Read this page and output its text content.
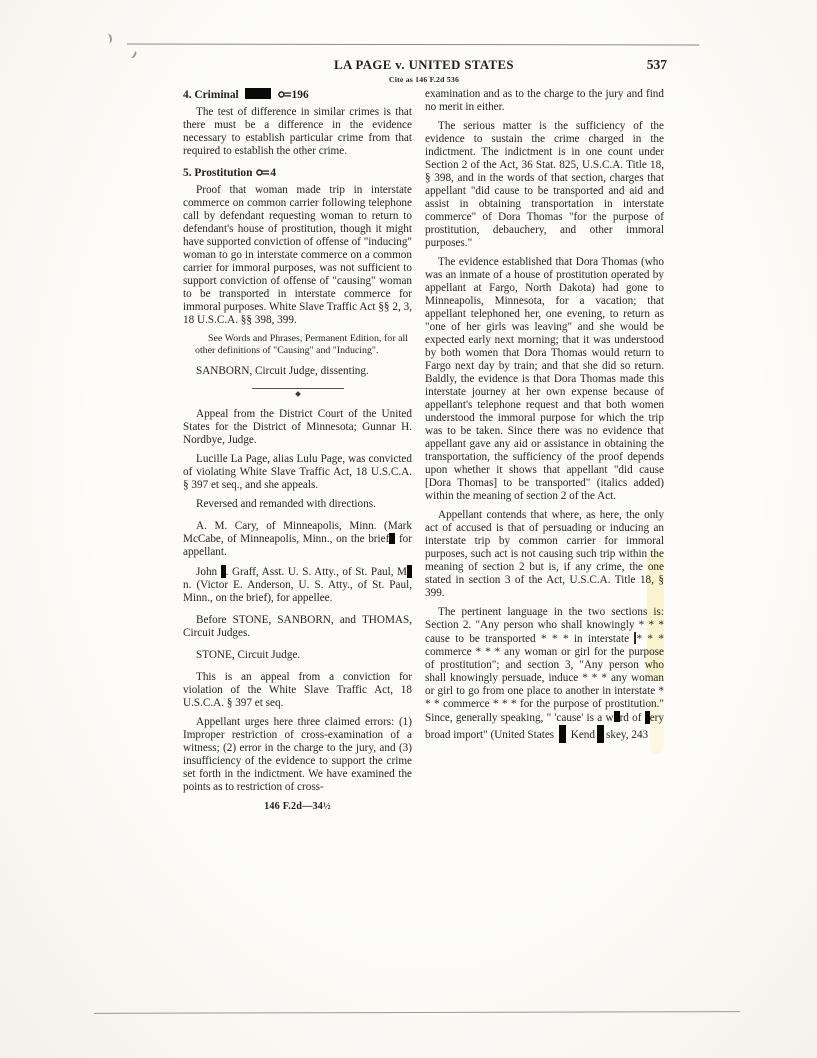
LA PAGE v. UNITED STATES	537
Cite as 146 F.2d 536

4. Criminal	196

The test of difference in similar crimes is that there must be a difference in the evidence necessary to establish particular crime from that required to establish the other crime.

5. Prostitution 4

Proof that woman made trip in interstate commerce on common carrier following telephone call by defendant requesting woman to return to defendant's house of prostitution, though it might have supported conviction of offense of "inducing" woman to go in interstate commerce on a common carrier for immoral purposes, was not sufficient to support conviction of offense of "causing" woman to be transported in interstate commerce for immoral purposes. White Slave Traffic Act §§ 2, 3, 18 U.S.C.A. §§ 398, 399.

See Words and Phrases, Permanent Edition, for all other definitions of "Causing" and "Inducing".

SANBORN, Circuit Judge, dissenting.

Appeal from the District Court of the United States for the District of Minnesota; Gunnar H. Nordbye, Judge.

Lucille La Page, alias Lulu Page, was convicted of violating White Slave Traffic Act, 18 U.S.C.A. § 397 et seq., and she appeals.

Reversed and remanded with directions.

A. M. Cary, of Minneapolis, Minn. (Mark McCabe, of Minneapolis, Minn., on the brief for appellant.

John . Graff, Asst. U. S. Atty., of St. Paul, Mn. (Victor E. Anderson, U. S. Atty., of St. Paul, Minn., on the brief), for appellee.

Before STONE, SANBORN, and THOMAS, Circuit Judges.

STONE, Circuit Judge.

This is an appeal from a conviction for violation of the White Slave Traffic Act, 18 U.S.C.A. § 397 et seq.

Appellant urges here three claimed errors: (1) Improper restriction of cross-examination of a witness; (2) error in the charge to the jury, and (3) insufficiency of the evidence to support the crime set forth in the indictment. We have examined the points as to restriction of cross-

146 F.2d—34½

examination and as to the charge to the jury and find no merit in either.

The serious matter is the sufficiency of the evidence to sustain the crime charged in the indictment. The indictment is in one count under Section 2 of the Act, 36 Stat. 825, U.S.C.A. Title 18, § 398, and in the words of that section, charges that appellant "did cause to be transported and aid and assist in obtaining transportation in interstate commerce" of Dora Thomas "for the purpose of prostitution, debauchery, and other immoral purposes."

The evidence established that Dora Thomas (who was an inmate of a house of prostitution operated by appellant at Fargo, North Dakota) had gone to Minneapolis, Minnesota, for a vacation; that appellant telephoned her, one evening, to return as "one of her girls was leaving" and she would be expected early next morning; that it was understood by both women that Dora Thomas would return to Fargo next day by train; and that she did so return. Baldly, the evidence is that Dora Thomas made this interstate journey at her own expense because of appellant's telephone request and that both women understood the immoral purpose for which the trip was to be taken. Since there was no evidence that appellant gave any aid or assistance in obtaining the transportation, the sufficiency of the proof depends upon whether it shows that appellant "did cause [Dora Thomas] to be transported" (italics added) within the meaning of section 2 of the Act.

Appellant contends that where, as here, the only act of accused is that of persuading or inducing an interstate trip by common carrier for immoral purposes, such act is not causing such trip within the meaning of section 2 but is, if any crime, the one stated in section 3 of the Act, U.S.C.A. Title 18, § 399.

The pertinent language in the two sections is: Section 2. "Any person who shall knowingly * * * cause to be transported * * * in interstate * * * commerce * * * any woman or girl for the purpose of prostitution"; and section 3, "Any person who shall knowingly persuade, induce * * * any woman or girl to go from one place to another in interstate * * * commerce * * * for the purpose of prostitution." Since, generally speaking, " 'cause' is a w rd of ery broad import" (United States  Kend skey, 243
